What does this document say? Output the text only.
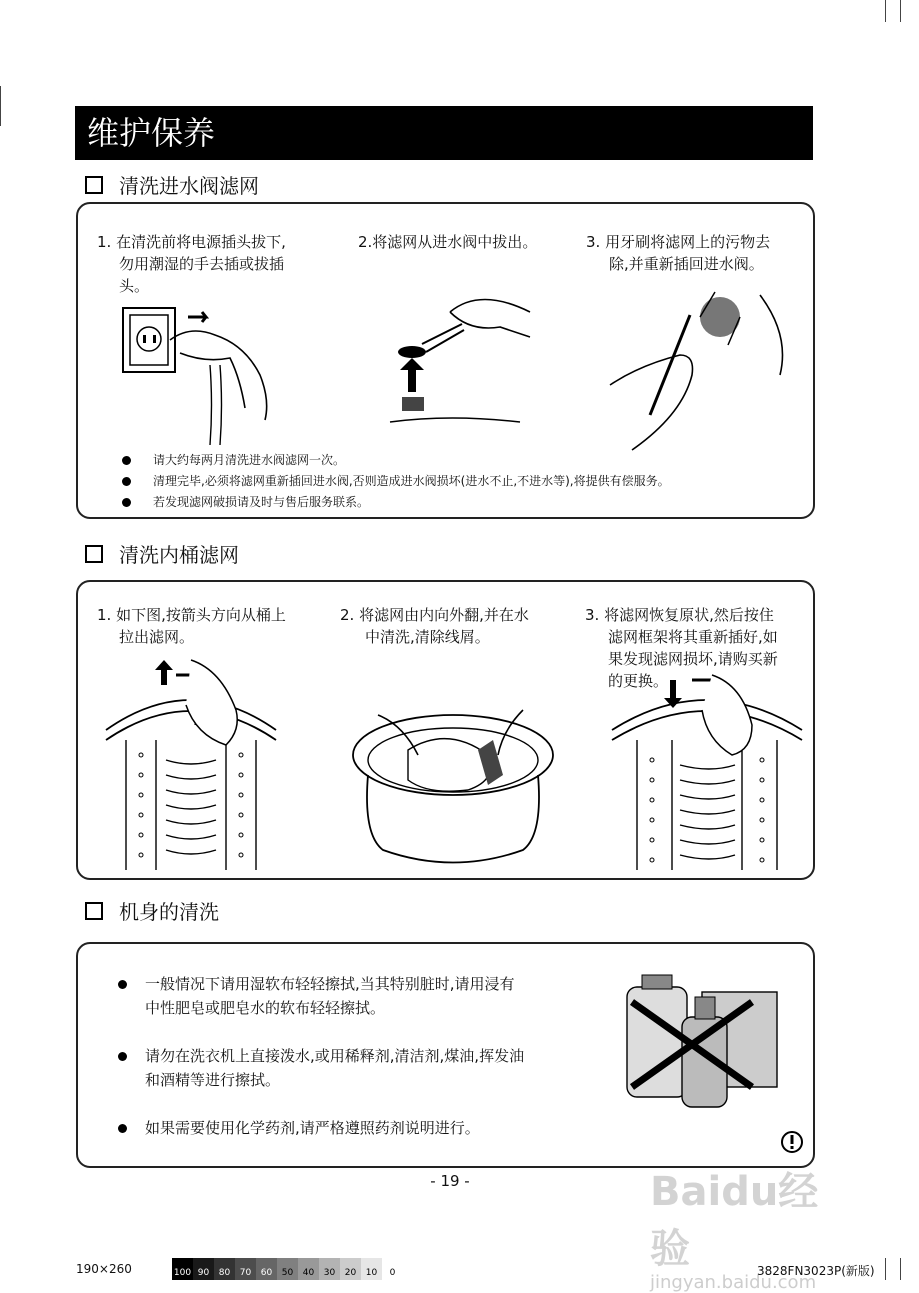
维护保养
清洗进水阀滤网
1. 在清洗前将电源插头拔下,
勿用潮湿的手去插或拔插
头。
2.将滤网从进水阀中拔出。	3. 用牙刷将滤网上的污物去
除,并重新插回进水阀。
请大约每两月清洗进水阀滤网一次。
清理完毕,必须将滤网重新插回进水阀,否则造成进水阀损坏(进水不止,不进水等),将提供有偿服务。
若发现滤网破损请及时与售后服务联系。
清洗内桶滤网
1. 如下图,按箭头方向从桶上
拉出滤网。
2. 将滤网由内向外翻,并在水
中清洗,清除线屑。
3. 将滤网恢复原状,然后按住
滤网框架将其重新插好,如
果发现滤网损坏,请购买新
的更换。
机身的清洗
一般情况下请用湿软布轻轻擦拭,当其特别脏时,请用浸有
中性肥皂或肥皂水的软布轻轻擦拭。
请勿在洗衣机上直接泼水,或用稀释剂,清洁剂,煤油,挥发油
和酒精等进行擦拭。
如果需要使用化学药剂,请严格遵照药剂说明进行。
- 19 -	Baidu经验
jingyan.baidu.com
190×260	100 90	80	70	60	50	40	30	20	10	0	3828FN3023P(新版)
